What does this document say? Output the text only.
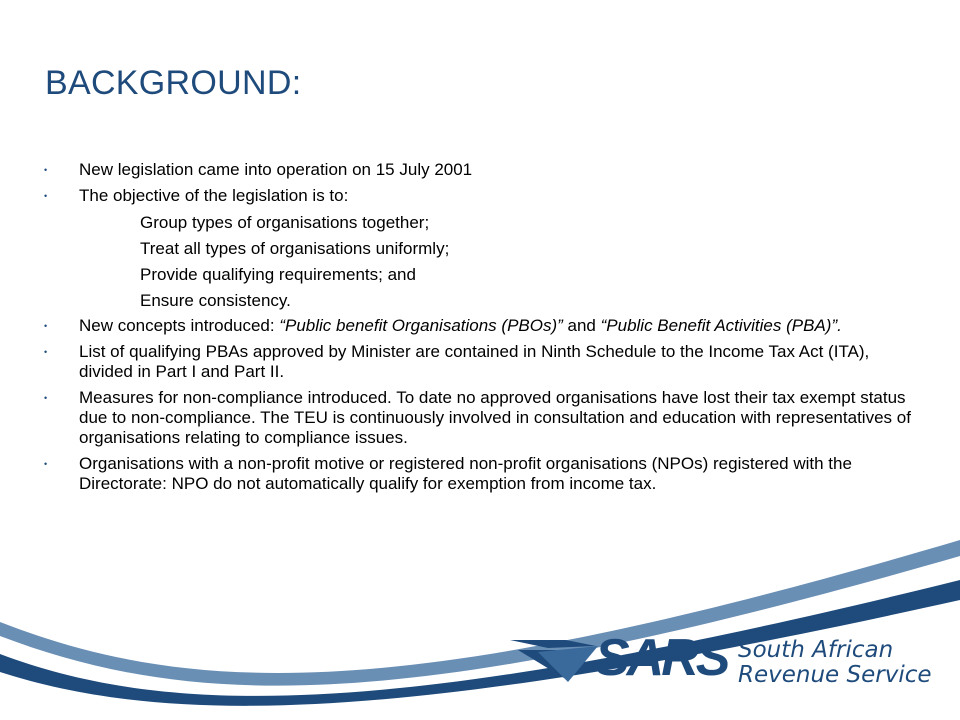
BACKGROUND:
• New legislation came into operation on 15 July 2001
• The objective of the legislation is to:
Group types of organisations together;
Treat all types of organisations uniformly;
Provide qualifying requirements; and
Ensure consistency.
• New concepts introduced: “Public benefit Organisations (PBOs)” and “Public Benefit Activities (PBA)”.
• List of qualifying PBAs approved by Minister are contained in Ninth Schedule to the Income Tax Act (ITA), divided in Part I and Part II.
• Measures for non-compliance introduced. To date no approved organisations have lost their tax exempt status due to non-compliance. The TEU is continuously involved in consultation and education with representatives of organisations relating to compliance issues.
• Organisations with a non-profit motive or registered non-profit organisations (NPOs) registered with the Directorate: NPO do not automatically qualify for exemption from income tax.
SARS South African
Revenue Service
